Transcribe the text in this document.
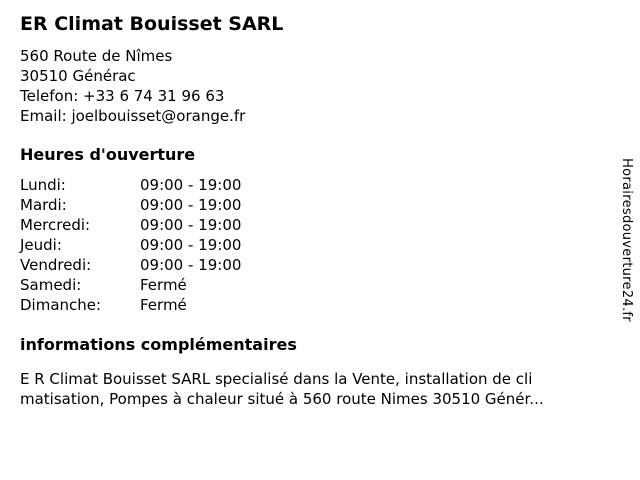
ER Climat Bouisset SARL
560 Route de Nîmes
30510 Générac
Telefon: +33 6 74 31 96 63
Email: joelbouisset@orange.fr
Heures d'ouverture
Lundi:	09:00 - 19:00
Mardi:	09:00 - 19:00
Mercredi:	09:00 - 19:00
Jeudi:	09:00 - 19:00
Vendredi:	09:00 - 19:00
Samedi:	Fermé
Dimanche:	Fermé
informations complémentaires
E R Climat Bouisset SARL specialisé dans la Vente, installation de cli
matisation, Pompes à chaleur situé à 560 route Nimes 30510 Génér...
Horairesdouverture24.fr
